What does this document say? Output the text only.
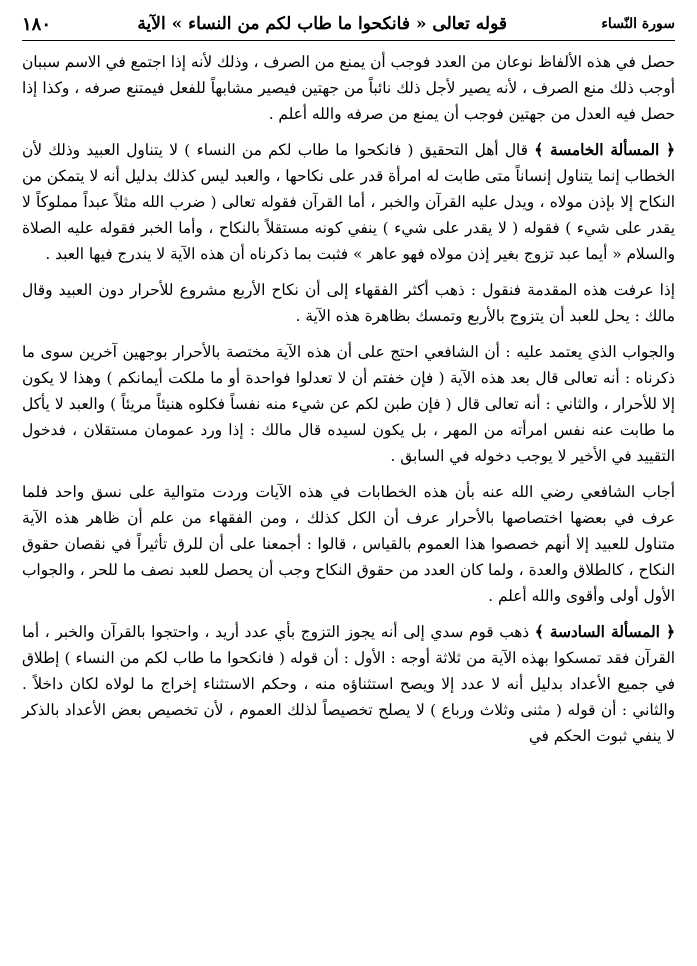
سورة النّساء
قوله تعالى « فانكحوا ما طاب لكم من النساء » الآية
١٨٠

حصل في هذه الألفاظ نوعان من العدد فوجب أن يمنع من الصرف ، وذلك لأنه إذا اجتمع في الاسم سببان أوجب ذلك منع الصرف ، لأنه يصير لأجل ذلك نائباً من جهتين فيصير مشابهاً للفعل فيمتنع صرفه ، وكذا إذا حصل فيه العدل من جهتين فوجب أن يمنع من صرفه والله أعلم .

﴿ المسألة الخامسة ﴾ قال أهل التحقيق ( فانكحوا ما طاب لكم من النساء ) لا يتناول العبيد وذلك لأن الخطاب إنما يتناول إنساناً متى طابت له امرأة قدر على نكاحها ، والعبد ليس كذلك بدليل أنه لا يتمكن من النكاح إلا بإذن مولاه ، ويدل عليه القرآن والخبر ، أما القرآن فقوله تعالى ( ضرب الله مثلاً عبداً مملوكاً لا يقدر على شيء ) فقوله ( لا يقدر على شيء ) ينفي كونه مستقلاً بالنكاح ، وأما الخبر فقوله عليه الصلاة والسلام « أيما عبد تزوج بغير إذن مولاه فهو عاهر » فثبت بما ذكرناه أن هذه الآية لا يندرج فيها العبد .

إذا عرفت هذه المقدمة فنقول : ذهب أكثر الفقهاء إلى أن نكاح الأربع مشروع للأحرار دون العبيد وقال مالك : يحل للعبد أن يتزوج بالأربع وتمسك بظاهرة هذه الآية .

والجواب الذي يعتمد عليه : أن الشافعي احتج على أن هذه الآية مختصة بالأحرار بوجهين آخرين سوى ما ذكرناه : أنه تعالى قال بعد هذه الآية ( فإن خفتم أن لا تعدلوا فواحدة أو ما ملكت أيمانكم ) وهذا لا يكون إلا للأحرار ، والثاني : أنه تعالى قال ( فإن طبن لكم عن شيء منه نفساً فكلوه هنيئاً مريئاً ) والعبد لا يأكل ما طابت عنه نفس امرأته من المهر ، بل يكون لسيده قال مالك : إذا ورد عمومان مستقلان ، فدخول التقييد في الأخير لا يوجب دخوله في السابق .

أجاب الشافعي رضي الله عنه بأن هذه الخطابات في هذه الآيات وردت متوالية على نسق واحد فلما عرف في بعضها اختصاصها بالأحرار عرف أن الكل كذلك ، ومن الفقهاء من علم أن ظاهر هذه الآية متناول للعبيد إلا أنهم خصصوا هذا العموم بالقياس ، قالوا : أجمعنا على أن للرق تأثيراً في نقصان حقوق النكاح ، كالطلاق والعدة ، ولما كان العدد من حقوق النكاح وجب أن يحصل للعبد نصف ما للحر ، والجواب الأول أولى وأقوى والله أعلم .

﴿ المسألة السادسة ﴾ ذهب قوم سدي إلى أنه يجوز التزوج بأي عدد أريد ، واحتجوا بالقرآن والخبر ، أما القرآن فقد تمسكوا بهذه الآية من ثلاثة أوجه : الأول : أن قوله ( فانكحوا ما طاب لكم من النساء ) إطلاق في جميع الأعداد بدليل أنه لا عدد إلا ويصح استثناؤه منه ، وحكم الاستثناء إخراج ما لولاه لكان داخلاً . والثاني : أن قوله ( مثنى وثلاث ورباع ) لا يصلح تخصيصاً لذلك العموم ، لأن تخصيص بعض الأعداد بالذكر لا ينفي ثبوت الحكم في
